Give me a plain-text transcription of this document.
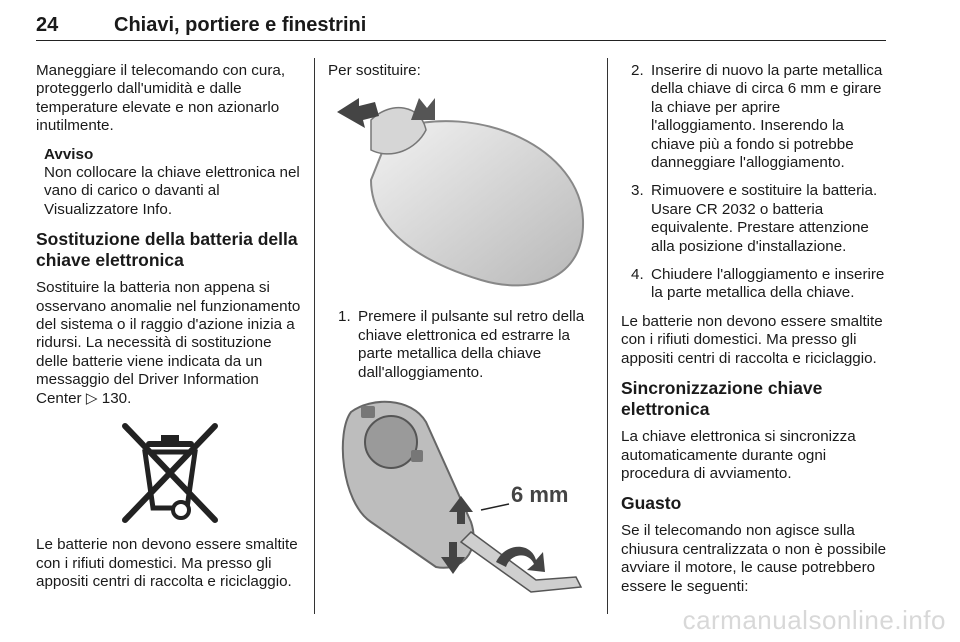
24	Chiavi, portiere e finestrini

Maneggiare il telecomando con cura, proteggerlo dall'umidità e dalle temperature elevate e non azionarlo inutilmente.

Avviso
Non collocare la chiave elettronica nel vano di carico o davanti al Visualizzatore Info.
Sostituzione della batteria della chiave elettronica

Sostituire la batteria non appena si osservano anomalie nel funzionamento del sistema o il raggio d'azione inizia a ridursi. La necessità di sostituzione delle batterie viene indicata da un messaggio del Driver Information Center ▷ 130.

Le batterie non devono essere smaltite con i rifiuti domestici. Ma presso gli appositi centri di raccolta e riciclaggio.

Per sostituire:

1. Premere il pulsante sul retro della chiave elettronica ed estrarre la parte metallica della chiave dall'alloggiamento.
6 mm
2. Inserire di nuovo la parte metallica della chiave di circa 6 mm e girare la chiave per aprire l'alloggiamento. Inserendo la chiave più a fondo si potrebbe danneggiare l'alloggiamento.
3. Rimuovere e sostituire la batteria. Usare CR 2032 o batteria equivalente. Prestare attenzione alla posizione d'installazione.
4. Chiudere l'alloggiamento e inserire la parte metallica della chiave.

Le batterie non devono essere smaltite con i rifiuti domestici. Ma presso gli appositi centri di raccolta e riciclaggio.

Sincronizzazione chiave elettronica

La chiave elettronica si sincronizza automaticamente durante ogni procedura di avviamento.

Guasto

Se il telecomando non agisce sulla chiusura centralizzata o non è possibile avviare il motore, le cause potrebbero essere le seguenti:

carmanualsonline.info
